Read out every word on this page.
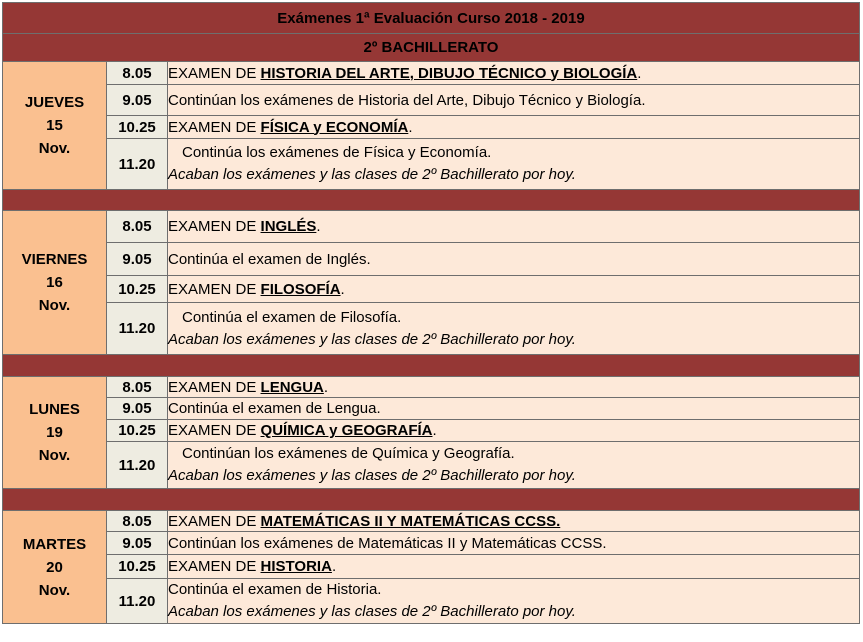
Exámenes 1ª Evaluación Curso 2018 - 2019		
2º BACHILLERATO		

JUEVES
15
Nov.	8.05	EXAMEN DE HISTORIA DEL ARTE, DIBUJO TÉCNICO y BIOLOGÍA.
	9.05	Continúan los exámenes de Historia del Arte, Dibujo Técnico y Biología.
	10.25	EXAMEN DE FÍSICA y ECONOMÍA.
	11.20	Continúa los exámenes de Física y Economía.
Acaban los exámenes y las clases de 2º Bachillerato por hoy.

VIERNES
16
Nov.	8.05	EXAMEN DE INGLÉS.
	9.05	Continúa el examen de Inglés.
	10.25	EXAMEN DE FILOSOFÍA.
	11.20	Continúa el examen de Filosofía.
Acaban los exámenes y las clases de 2º Bachillerato por hoy.

LUNES
19
Nov.	8.05	EXAMEN DE LENGUA.
	9.05	Continúa el examen de Lengua.
	10.25	EXAMEN DE QUÍMICA y GEOGRAFÍA.
	11.20	Continúan los exámenes de Química y Geografía.
Acaban los exámenes y las clases de 2º Bachillerato por hoy.

MARTES
20
Nov.	8.05	EXAMEN DE MATEMÁTICAS II Y MATEMÁTICAS CCSS.
	9.05	Continúan los exámenes de Matemáticas II y Matemáticas CCSS.
	10.25	EXAMEN DE HISTORIA.
	11.20	Continúa el examen de Historia.
Acaban los exámenes y las clases de 2º Bachillerato por hoy.
